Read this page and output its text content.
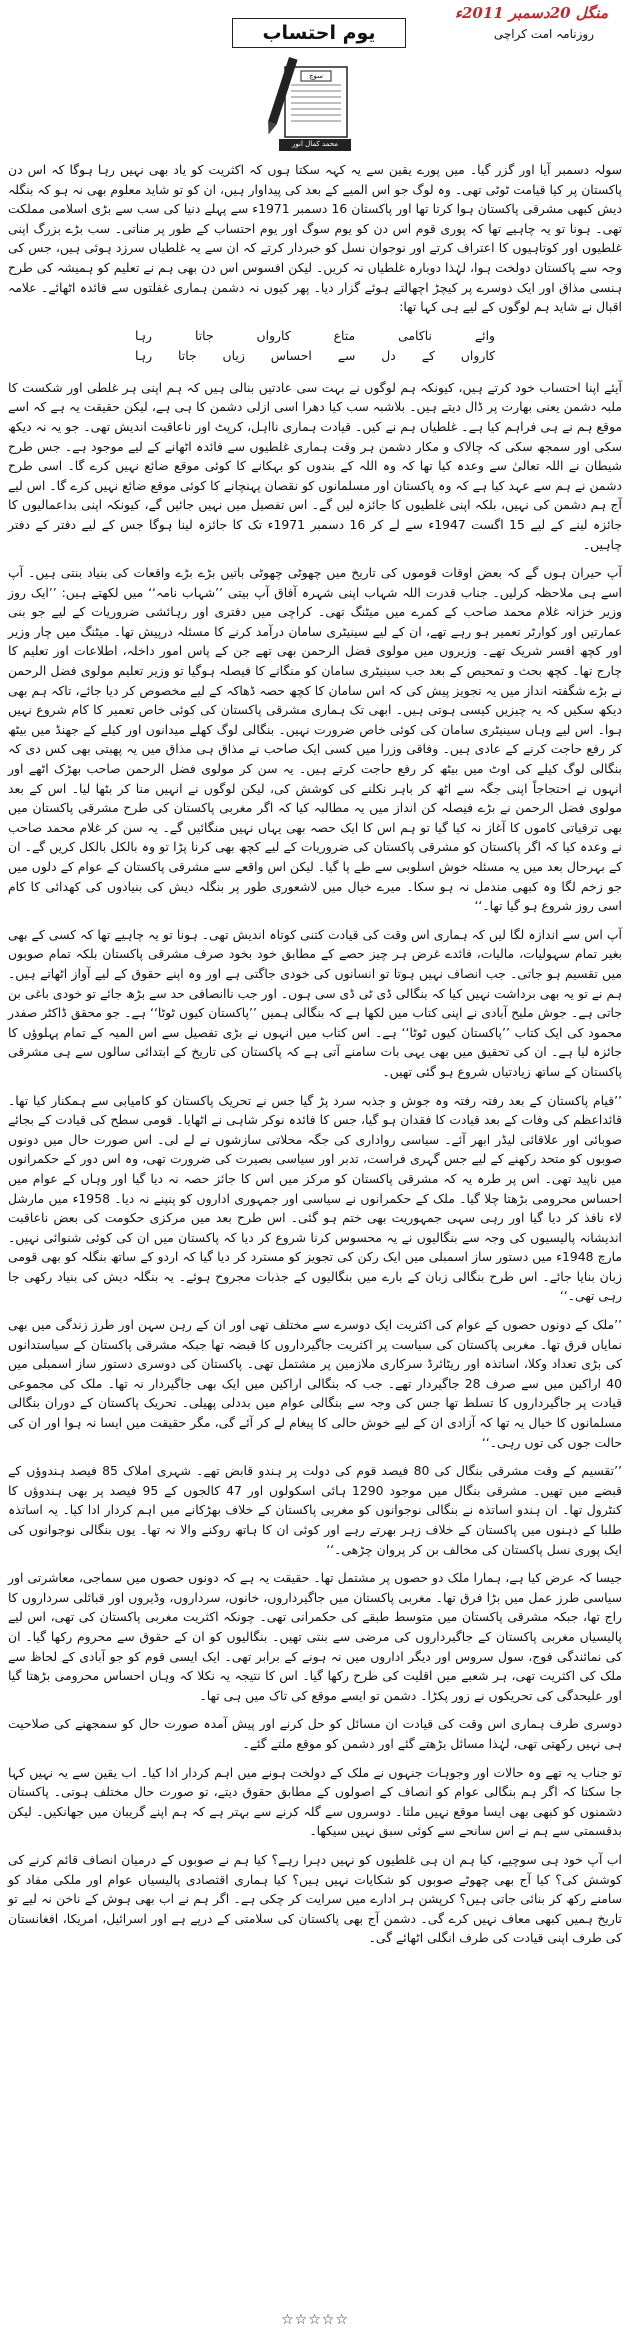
منگل 20دسمبر 2011ء
یوم احتساب	روزنامہ امت کراچی
سوچ
محمد کمال انور

سولہ دسمبر آیا اور گزر گیا۔ میں پورے یقین سے یہ کہہ سکتا ہوں کہ اکثریت کو یاد بھی نہیں رہا ہوگا کہ اس دن پاکستان پر کیا قیامت ٹوٹی تھی۔ وہ لوگ جو اس المیے کے بعد کی پیداوار ہیں، ان کو تو شاید معلوم بھی نہ ہو کہ بنگلہ دیش کبھی مشرقی پاکستان ہوا کرتا تھا اور پاکستان 16 دسمبر 1971ء سے پہلے دنیا کی سب سے بڑی اسلامی مملکت تھی۔ ہونا تو یہ چاہیے تھا کہ پوری قوم اس دن کو یوم سوگ اور یوم احتساب کے طور پر مناتی۔ سب بڑے بزرگ اپنی غلطیوں اور کوتاہیوں کا اعتراف کرتے اور نوجوان نسل کو خبردار کرتے کہ ان سے یہ غلطیاں سرزد ہوئی ہیں، جس کی وجہ سے پاکستان دولخت ہوا، لہٰذا دوبارہ غلطیاں نہ کریں۔ لیکن افسوس اس دن بھی ہم نے تعلیم کو ہمیشہ کی طرح ہنسی مذاق اور ایک دوسرے پر کیچڑ اچھالتے ہوئے گزار دیا۔ پھر کیوں نہ دشمن ہماری غفلتوں سے فائدہ اٹھائے۔ علامہ اقبال نے شاید ہم لوگوں کے لیے ہی کہا تھا:

وائے
ناکامی
متاع
کارواں
جاتا
رہا
کارواں
کے
دل
سے
احساس
زیاں
جاتا
رہا

آیئے اپنا احتساب خود کرتے ہیں، کیونکہ ہم لوگوں نے بہت سی عادتیں بنالی ہیں کہ ہم اپنی ہر غلطی اور شکست کا ملبہ دشمن یعنی بھارت پر ڈال دیتے ہیں۔ بلاشبہ سب کیا دھرا اسی ازلی دشمن کا ہی ہے، لیکن حقیقت یہ ہے کہ اسے موقع ہم نے ہی فراہم کیا ہے۔ غلطیاں ہم نے کیں۔ قیادت ہماری نااہل، کرپٹ اور ناعاقبت اندیش تھی۔ جو یہ نہ دیکھ سکی اور سمجھ سکی کہ چالاک و مکار دشمن ہر وقت ہماری غلطیوں سے فائدہ اٹھانے کے لیے موجود ہے۔ جس طرح شیطان نے اللہ تعالیٰ سے وعدہ کیا تھا کہ وہ اللہ کے بندوں کو بہکانے کا کوئی موقع ضائع نہیں کرے گا۔ اسی طرح دشمن نے ہم سے عہد کیا ہے کہ وہ پاکستان اور مسلمانوں کو نقصان پہنچانے کا کوئی موقع ضائع نہیں کرے گا۔ اس لیے آج ہم دشمن کی نہیں، بلکہ اپنی غلطیوں کا جائزہ لیں گے۔ اس تفصیل میں نہیں جائیں گے، کیونکہ اپنی بداعمالیوں کا جائزہ لینے کے لیے 15 اگست 1947ء سے لے کر 16 دسمبر 1971ء تک کا جائزہ لینا ہوگا جس کے لیے دفتر کے دفتر چاہیں۔

آپ حیران ہوں گے کہ بعض اوقات قوموں کی تاریخ میں چھوٹی چھوٹی باتیں بڑے بڑے واقعات کی بنیاد بنتی ہیں۔ آپ اسے ہی ملاحظہ کرلیں۔ جناب قدرت اللہ شہاب اپنی شہرہ آفاق آپ بیتی ’’شہاب نامہ‘‘ میں لکھتے ہیں: ’’ایک روز وزیر خزانہ غلام محمد صاحب کے کمرے میں میٹنگ تھی۔ کراچی میں دفتری اور رہائشی ضروریات کے لیے جو بنی عمارتیں اور کوارٹر تعمیر ہو رہے تھے، ان کے لیے سینیٹری سامان درآمد کرنے کا مسئلہ درپیش تھا۔ میٹنگ میں چار وزیر اور کچھ افسر شریک تھے۔ وزیروں میں مولوی فضل الرحمن بھی تھے جن کے پاس امور داخلہ، اطلاعات اور تعلیم کا چارج تھا۔ کچھ بحث و تمحیص کے بعد جب سینیٹری سامان کو منگانے کا فیصلہ ہوگیا تو وزیر تعلیم مولوی فضل الرحمن نے بڑے شگفتہ انداز میں یہ تجویز پیش کی کہ اس سامان کا کچھ حصہ ڈھاکہ کے لیے مخصوص کر دیا جائے، تاکہ ہم بھی دیکھ سکیں کہ یہ چیزیں کیسی ہوتی ہیں۔ ابھی تک ہماری مشرقی پاکستان کی کوئی خاص تعمیر کا کام شروع نہیں ہوا۔ اس لیے وہاں سینیٹری سامان کی کوئی خاص ضرورت نہیں۔ بنگالی لوگ کھلے میدانوں اور کیلے کے جھنڈ میں بیٹھ کر رفع حاجت کرنے کے عادی ہیں۔ وفاقی وزرا میں کسی ایک صاحب نے مذاق ہی مذاق میں یہ پھبتی بھی کس دی کہ بنگالی لوگ کیلے کی اوٹ میں بیٹھ کر رفع حاجت کرتے ہیں۔ یہ سن کر مولوی فضل الرحمن صاحب بھڑک اٹھے اور انہوں نے احتجاجاً اپنی جگہ سے اٹھ کر باہر نکلنے کی کوشش کی، لیکن لوگوں نے انہیں منا کر بٹھا لیا۔ اس کے بعد مولوی فضل الرحمن نے بڑے فیصلہ کن انداز میں یہ مطالبہ کیا کہ اگر مغربی پاکستان کی طرح مشرقی پاکستان میں بھی ترقیاتی کاموں کا آغاز نہ کیا گیا تو ہم اس کا ایک حصہ بھی یہاں نہیں منگائیں گے۔ یہ سن کر غلام محمد صاحب نے وعدہ کیا کہ اگر پاکستان کو مشرقی پاکستان کی ضروریات کے لیے کچھ بھی کرنا پڑا تو وہ بالکل بالکل کریں گے۔ ان کے بہرحال بعد میں یہ مسئلہ خوش اسلوبی سے طے پا گیا۔ لیکن اس واقعے سے مشرقی پاکستان کے عوام کے دلوں میں جو زخم لگا وہ کبھی مندمل نہ ہو سکا۔ میرے خیال میں لاشعوری طور پر بنگلہ دیش کی بنیادوں کی کھدائی کا کام اسی روز شروع ہو گیا تھا۔‘‘

آپ اس سے اندازہ لگا لیں کہ ہماری اس وقت کی قیادت کتنی کوتاہ اندیش تھی۔ ہونا تو یہ چاہیے تھا کہ کسی کے بھی بغیر تمام سہولیات، مالیات، فائدے غرض ہر چیز حصے کے مطابق خود بخود صرف مشرقی پاکستان بلکہ تمام صوبوں میں تقسیم ہو جاتی۔ جب انصاف نہیں ہوتا تو انسانوں کی خودی جاگتی ہے اور وہ اپنے حقوق کے لیے آواز اٹھاتے ہیں۔ ہم نے تو یہ بھی برداشت نہیں کیا کہ بنگالی ڈی ٹی ڈی سی ہوں۔ اور جب ناانصافی حد سے بڑھ جائے تو خودی باغی بن جاتی ہے۔ جوش ملیح آبادی نے اپنی کتاب میں لکھا ہے کہ بنگالی ہمیں ’’پاکستان کیوں ٹوٹا‘‘ ہے۔ جو محقق ڈاکٹر صفدر محمود کی ایک کتاب ’’پاکستان کیوں ٹوٹا‘‘ ہے۔ اس کتاب میں انہوں نے بڑی تفصیل سے اس المیہ کے تمام پہلوؤں کا جائزہ لیا ہے۔ ان کی تحقیق میں بھی یہی بات سامنے آتی ہے کہ پاکستان کی تاریخ کے ابتدائی سالوں سے ہی مشرقی پاکستان کے ساتھ زیادتیاں شروع ہو گئی تھیں۔

’’قیام پاکستان کے بعد رفتہ رفتہ وہ جوش و جذبہ سرد پڑ گیا جس نے تحریک پاکستان کو کامیابی سے ہمکنار کیا تھا۔ قائداعظم کی وفات کے بعد قیادت کا فقدان ہو گیا، جس کا فائدہ نوکر شاہی نے اٹھایا۔ قومی سطح کی قیادت کے بجائے صوبائی اور علاقائی لیڈر ابھر آئے۔ سیاسی رواداری کی جگہ محلاتی سازشوں نے لے لی۔ اس صورت حال میں دونوں صوبوں کو متحد رکھنے کے لیے جس گہری فراست، تدبر اور سیاسی بصیرت کی ضرورت تھی، وہ اس دور کے حکمرانوں میں ناپید تھی۔ اس پر طرہ یہ کہ مشرقی پاکستان کو مرکز میں اس کا جائز حصہ نہ دیا گیا اور وہاں کے عوام میں احساس محرومی بڑھتا چلا گیا۔ ملک کے حکمرانوں نے سیاسی اور جمہوری اداروں کو پنپنے نہ دیا۔ 1958ء میں مارشل لاء نافذ کر دیا گیا اور رہی سہی جمہوریت بھی ختم ہو گئی۔ اس طرح بعد میں مرکزی حکومت کی بعض ناعاقبت اندیشانہ پالیسیوں کی وجہ سے بنگالیوں نے یہ محسوس کرنا شروع کر دیا کہ پاکستان میں ان کی کوئی شنوائی نہیں۔ مارچ 1948ء میں دستور ساز اسمبلی میں ایک رکن کی تجویز کو مسترد کر دیا گیا کہ اردو کے ساتھ بنگلہ کو بھی قومی زبان بنایا جائے۔ اس طرح بنگالی زبان کے بارے میں بنگالیوں کے جذبات مجروح ہوئے۔ یہ بنگلہ دیش کی بنیاد رکھی جا رہی تھی۔‘‘

’’ملک کے دونوں حصوں کے عوام کی اکثریت ایک دوسرے سے مختلف تھی اور ان کے رہن سہن اور طرز زندگی میں بھی نمایاں فرق تھا۔ مغربی پاکستان کی سیاست پر اکثریت جاگیرداروں کا قبضہ تھا جبکہ مشرقی پاکستان کے سیاستدانوں کی بڑی تعداد وکلا، اساتذہ اور ریٹائرڈ سرکاری ملازمین پر مشتمل تھی۔ پاکستان کی دوسری دستور ساز اسمبلی میں 40 اراکین میں سے صرف 28 جاگیردار تھے۔ جب کہ بنگالی اراکین میں ایک بھی جاگیردار نہ تھا۔ ملک کی مجموعی قیادت پر جاگیرداروں کا تسلط تھا جس کی وجہ سے بنگالی عوام میں بددلی پھیلی۔ تحریک پاکستان کے دوران بنگالی مسلمانوں کا خیال یہ تھا کہ آزادی ان کے لیے خوش حالی کا پیغام لے کر آئے گی، مگر حقیقت میں ایسا نہ ہوا اور ان کی حالت جوں کی توں رہی۔‘‘

’’تقسیم کے وقت مشرقی بنگال کی 80 فیصد قوم کی دولت پر ہندو قابض تھے۔ شہری املاک 85 فیصد ہندوؤں کے قبضے میں تھیں۔ مشرقی بنگال میں موجود 1290 ہائی اسکولوں اور 47 کالجوں کے 95 فیصد پر بھی ہندوؤں کا کنٹرول تھا۔ ان ہندو اساتذہ نے بنگالی نوجوانوں کو مغربی پاکستان کے خلاف بھڑکانے میں اہم کردار ادا کیا۔ یہ اساتذہ طلبا کے ذہنوں میں پاکستان کے خلاف زہر بھرتے رہے اور کوئی ان کا ہاتھ روکنے والا نہ تھا۔ یوں بنگالی نوجوانوں کی ایک پوری نسل پاکستان کی مخالف بن کر پروان چڑھی۔‘‘

جیسا کہ عرض کیا ہے، ہمارا ملک دو حصوں پر مشتمل تھا۔ حقیقت یہ ہے کہ دونوں حصوں میں سماجی، معاشرتی اور سیاسی طرز عمل میں بڑا فرق تھا۔ مغربی پاکستان میں جاگیرداروں، خانوں، سرداروں، وڈیروں اور قبائلی سرداروں کا راج تھا، جبکہ مشرقی پاکستان میں متوسط طبقے کی حکمرانی تھی۔ چونکہ اکثریت مغربی پاکستان کی تھی، اس لیے پالیسیاں مغربی پاکستان کے جاگیرداروں کی مرضی سے بنتی تھیں۔ بنگالیوں کو ان کے حقوق سے محروم رکھا گیا۔ ان کی نمائندگی فوج، سول سروس اور دیگر اداروں میں نہ ہونے کے برابر تھی۔ ایک ایسی قوم کو جو آبادی کے لحاظ سے ملک کی اکثریت تھی، ہر شعبے میں اقلیت کی طرح رکھا گیا۔ اس کا نتیجہ یہ نکلا کہ وہاں احساس محرومی بڑھتا گیا اور علیحدگی کی تحریکوں نے زور پکڑا۔ دشمن تو ایسے موقع کی تاک میں ہی تھا۔

دوسری طرف ہماری اس وقت کی قیادت ان مسائل کو حل کرنے اور پیش آمدہ صورت حال کو سمجھنے کی صلاحیت ہی نہیں رکھتی تھی، لہٰذا مسائل بڑھتے گئے اور دشمن کو موقع ملتے گئے۔

تو جناب یہ تھے وہ حالات اور وجوہات جنہوں نے ملک کے دولخت ہونے میں اہم کردار ادا کیا۔ اب یقین سے یہ نہیں کہا جا سکتا کہ اگر ہم بنگالی عوام کو انصاف کے اصولوں کے مطابق حقوق دیتے، تو صورت حال مختلف ہوتی۔ پاکستان دشمنوں کو کبھی بھی ایسا موقع نہیں ملتا۔ دوسروں سے گلہ کرنے سے بہتر ہے کہ ہم اپنے گریبان میں جھانکیں۔ لیکن بدقسمتی سے ہم نے اس سانحے سے کوئی سبق نہیں سیکھا۔

اب آپ خود ہی سوچیے، کیا ہم ان ہی غلطیوں کو نہیں دہرا رہے؟ کیا ہم نے صوبوں کے درمیان انصاف قائم کرنے کی کوشش کی؟ کیا آج بھی چھوٹے صوبوں کو شکایات نہیں ہیں؟ کیا ہماری اقتصادی پالیسیاں عوام اور ملکی مفاد کو سامنے رکھ کر بنائی جاتی ہیں؟ کرپشن ہر ادارے میں سرایت کر چکی ہے۔ اگر ہم نے اب بھی ہوش کے ناخن نہ لیے تو تاریخ ہمیں کبھی معاف نہیں کرے گی۔ دشمن آج بھی پاکستان کی سلامتی کے درپے ہے اور اسرائیل، امریکا، افغانستان کی طرف اپنی قیادت کی طرف انگلی اٹھائے گی۔

☆☆☆☆☆
